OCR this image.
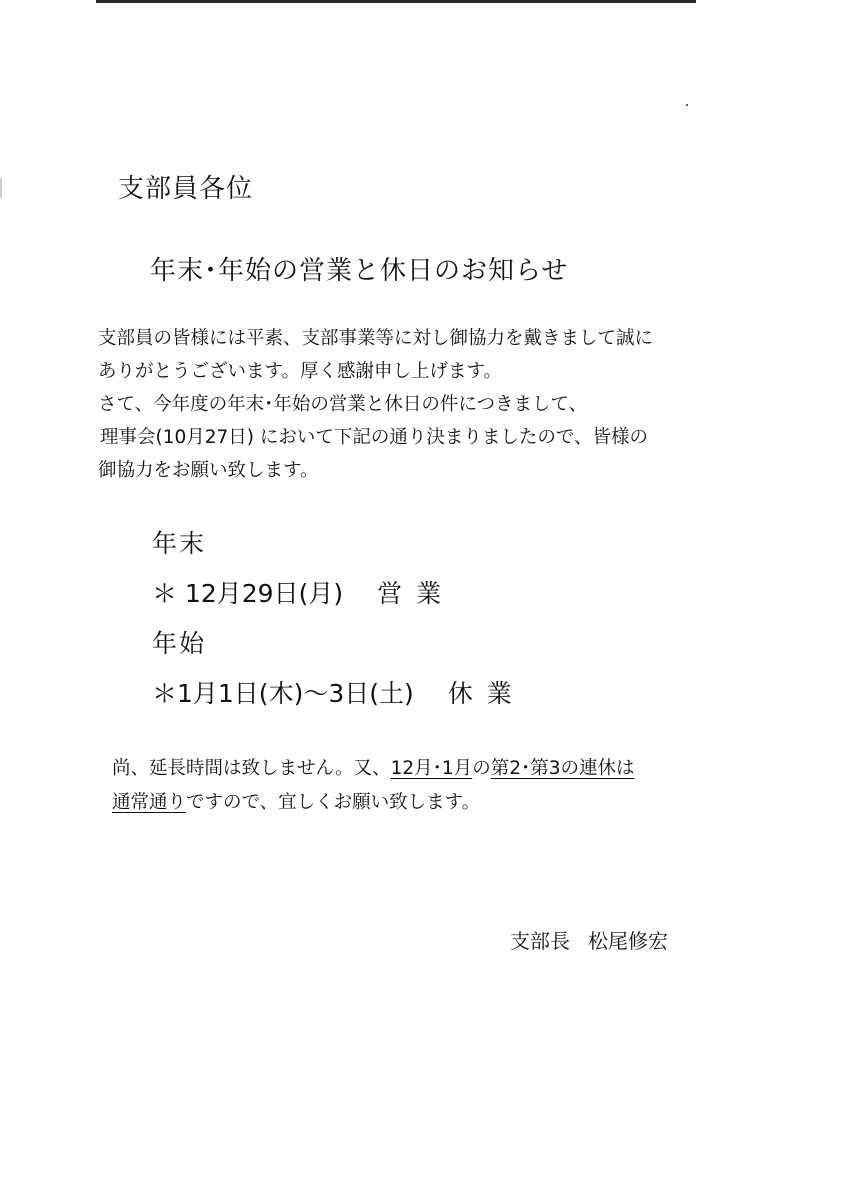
支部員各位
年末･年始の営業と休日のお知らせ
支部員の皆様には平素、支部事業等に対し御協力を戴きまして誠に
ありがとうございます。厚く感謝申し上げます。
さて、今年度の年末･年始の営業と休日の件につきまして、
理事会(10月27日) において下記の通り決まりましたので、皆様の
御協力をお願い致します。
年末
＊ 12月29日(月) 営業
年始
＊1月1日(木)～3日(土) 休業
尚、延長時間は致しません。又、12月･1月の第2･第3の連休は
通常通りですので、宜しくお願い致します。
支部長 松尾修宏
